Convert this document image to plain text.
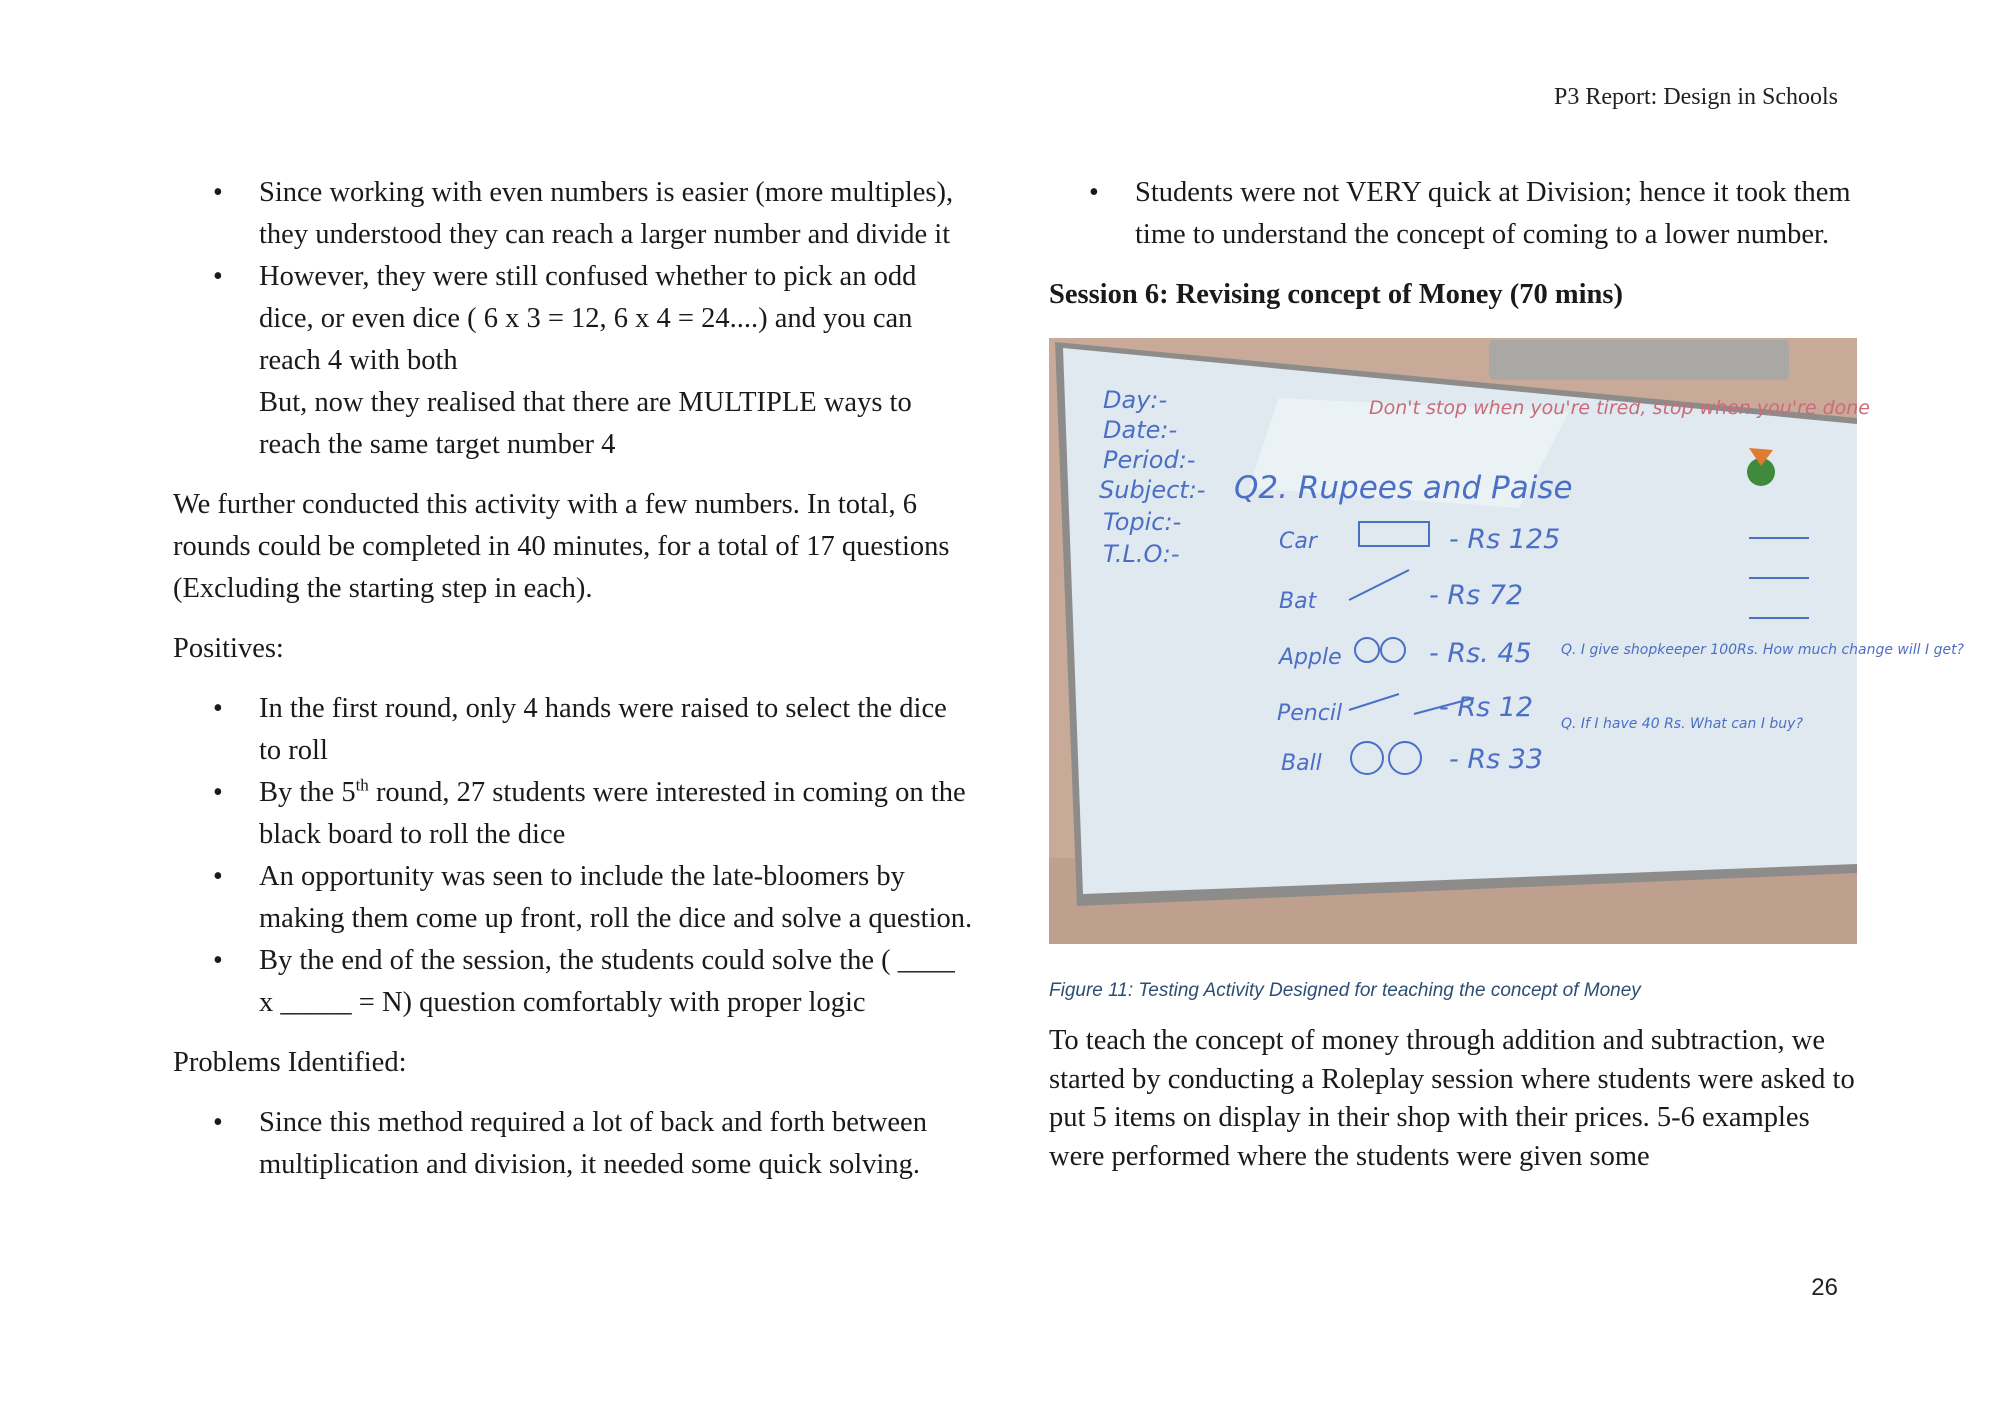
P3 Report: Design in Schools
• Since working with even numbers is easier (more multiples), they understood they can reach a larger number and divide it
• However, they were still confused whether to pick an odd dice, or even dice ( 6 x 3 = 12, 6 x 4 = 24....) and you can reach 4 with both
But, now they realised that there are MULTIPLE ways to reach the same target number 4

We further conducted this activity with a few numbers. In total, 6 rounds could be completed in 40 minutes, for a total of 17 questions (Excluding the starting step in each).

Positives:

• In the first round, only 4 hands were raised to select the dice to roll
• By the 5th round, 27 students were interested in coming on the black board to roll the dice
• An opportunity was seen to include the late-bloomers by making them come up front, roll the dice and solve a question.
• By the end of the session, the students could solve the ( ____ x _____ = N) question comfortably with proper logic

Problems Identified:

• Since this method required a lot of back and forth between multiplication and division, it needed some quick solving.
• Students were not VERY quick at Division; hence it took them time to understand the concept of coming to a lower number.

Session 6: Revising concept of Money (70 mins)

Day:-
Date:-
Period:-
Subject:-
Topic:-
T.L.O:-
Don't stop when you're tired, stop when you're done
Q2. Rupees and Paise
Car	- Rs 125
Bat	- Rs 72
Apple	- Rs. 45
Pencil	- Rs 12
Ball	- Rs 33
Q. I give shopkeeper 100Rs. How much change will I get?
Q. If I have 40 Rs. What can I buy?

Figure 11: Testing Activity Designed for teaching the concept of Money

To teach the concept of money through addition and subtraction, we started by conducting a Roleplay session where students were asked to put 5 items on display in their shop with their prices. 5-6 examples were performed where the students were given some

26
